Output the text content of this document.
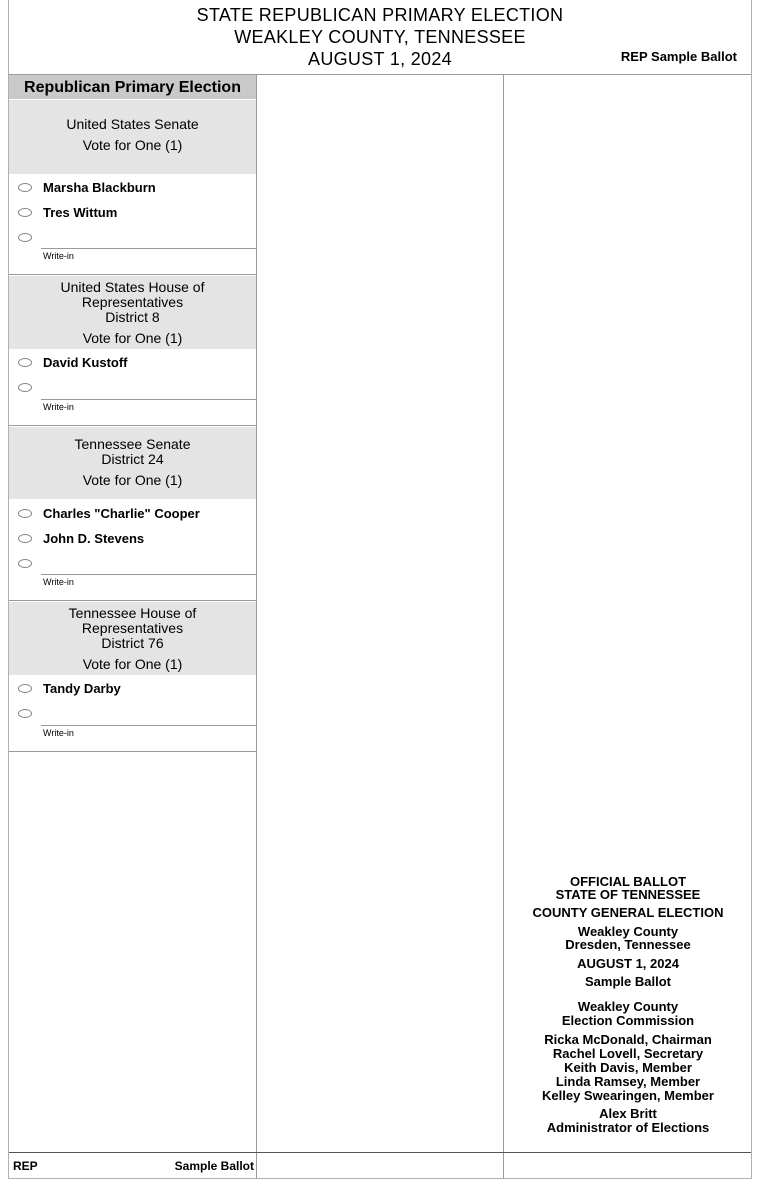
STATE REPUBLICAN PRIMARY ELECTION
WEAKLEY COUNTY, TENNESSEE
AUGUST 1, 2024	REP Sample Ballot
Republican Primary Election
United States Senate
Vote for One (1)
Marsha Blackburn
Tres Wittum
Write-in
United States House of
Representatives
District 8
Vote for One (1)
David Kustoff
Write-in
Tennessee Senate
District 24
Vote for One (1)
Charles "Charlie" Cooper
John D. Stevens
Write-in
Tennessee House of
Representatives
District 76
Vote for One (1)
Tandy Darby
Write-in
OFFICIAL BALLOT
STATE OF TENNESSEE
COUNTY GENERAL ELECTION
Weakley County
Dresden, Tennessee
AUGUST 1, 2024
Sample Ballot
Weakley County
Election Commission
Ricka McDonald, Chairman
Rachel Lovell, Secretary
Keith Davis, Member
Linda Ramsey, Member
Kelley Swearingen, Member
Alex Britt
Administrator of Elections
REP	Sample Ballot
